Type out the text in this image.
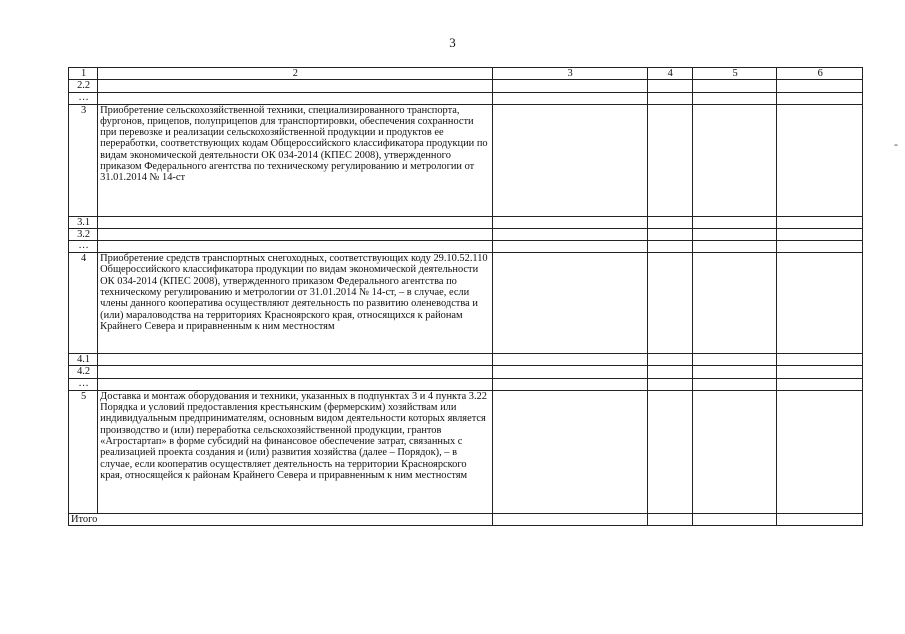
3
-
1	2	3	4	5	6
2.2					
…					
3	Приобретение сельскохозяйственной техники, специализированного транспорта, фургонов, прицепов, полуприцепов для транспортировки, обеспечения сохранности при перевозке и реализации сельскохозяйственной продукции и продуктов ее переработки, соответствующих кодам Общероссийского классификатора продукции по видам экономической деятельности ОК 034-2014 (КПЕС 2008), утвержденного приказом Федерального агентства по техническому регулированию и метрологии от 31.01.2014 № 14-ст				
3.1					
3.2					
…					
4	Приобретение средств транспортных снегоходных, соответствующих коду 29.10.52.110 Общероссийского классификатора продукции по видам экономической деятельности ОК 034-2014 (КПЕС 2008), утвержденного приказом Федерального агентства по техническому регулированию и метрологии от 31.01.2014 № 14-ст, – в случае, если члены данного кооператива осуществляют деятельность по развитию оленеводства и (или) мараловодства на территориях Красноярского края, относящихся к районам Крайнего Севера и приравненным к ним местностям				
4.1					
4.2					
…					
5	Доставка и монтаж оборудования и техники, указанных в подпунктах 3 и 4 пункта 3.22 Порядка и условий предоставления крестьянским (фермерским) хозяйствам или индивидуальным предпринимателям, основным видом деятельности которых является производство и (или) переработка сельскохозяйственной продукции, грантов «Агростартап» в форме субсидий на финансовое обеспечение затрат, связанных с реализацией проекта создания и (или) развития хозяйства (далее – Порядок), – в случае, если кооператив осуществляет деятельность на территории Красноярского края, относящейся к районам Крайнего Севера и приравненным к ним местностям				
Итого					
